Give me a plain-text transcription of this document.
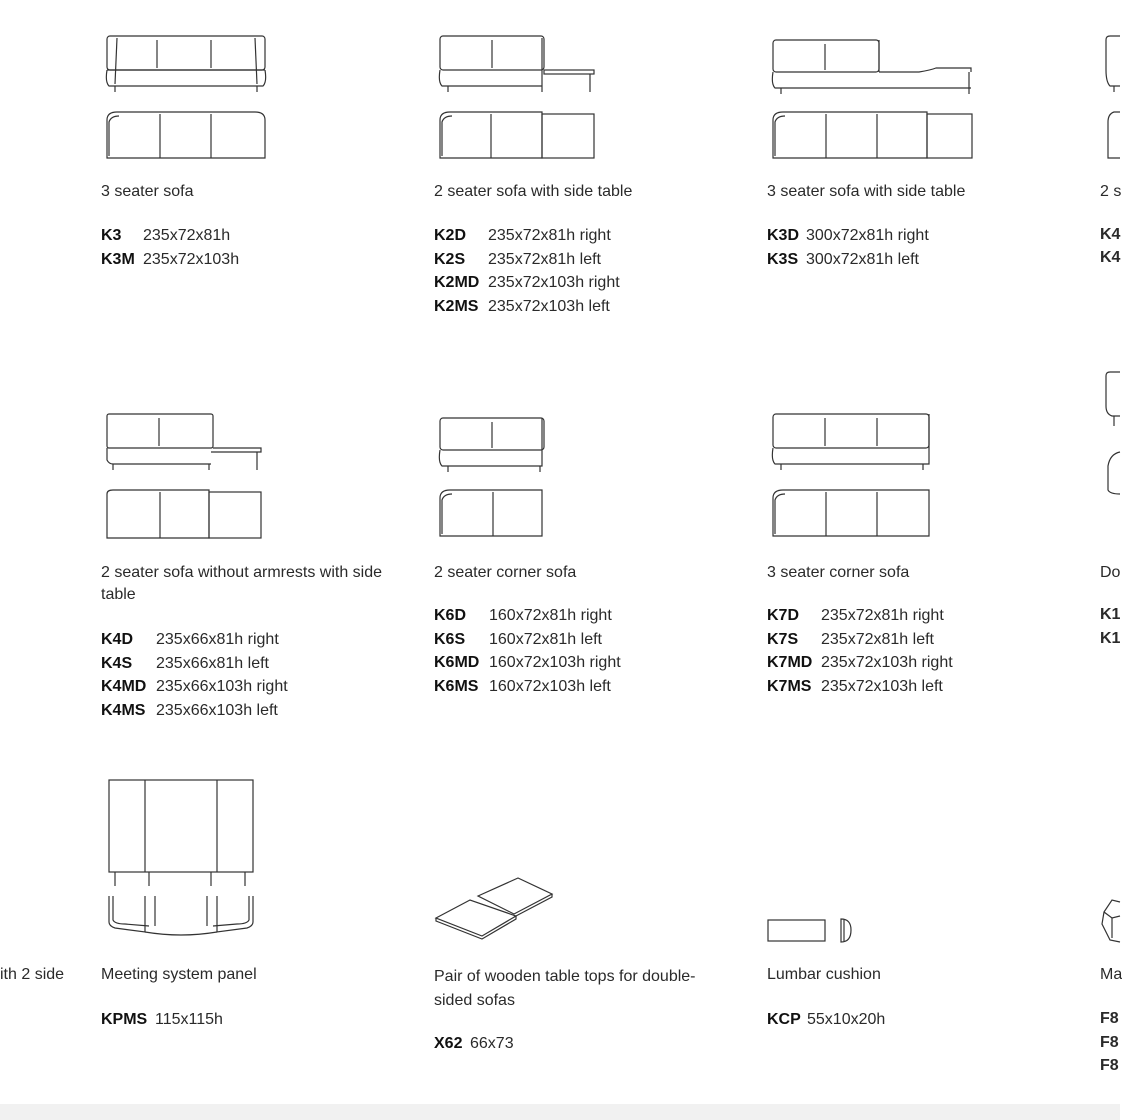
3 seater sofa
K3	235x72x81h
K3M 235x72x103h
2 seater sofa with side table
K2D	235x72x81h right
K2S	235x72x81h left
K2MD 235x72x103h right
K2MS 235x72x103h left
3 seater sofa with side table
K3D 300x72x81h right
K3S 300x72x81h left
2 s
K4
K4
2 seater sofa without armrests with side table
K4D	235x66x81h right
K4S	235x66x81h left
K4MD 235x66x103h right
K4MS 235x66x103h left
2 seater corner sofa
K6D	160x72x81h right
K6S	160x72x81h left
K6MD 160x72x103h right
K6MS 160x72x103h left
3 seater corner sofa
K7D	235x72x81h right
K7S	235x72x81h left
K7MD 235x72x103h right
K7MS 235x72x103h left
Do
K1
K1
ith 2 side Meeting system panel
KPMS 115x115h
Pair of wooden table tops for double-sided sofas
X62 66x73
Lumbar cushion
KCP 55x10x20h
Ma
F8
F8
F8
